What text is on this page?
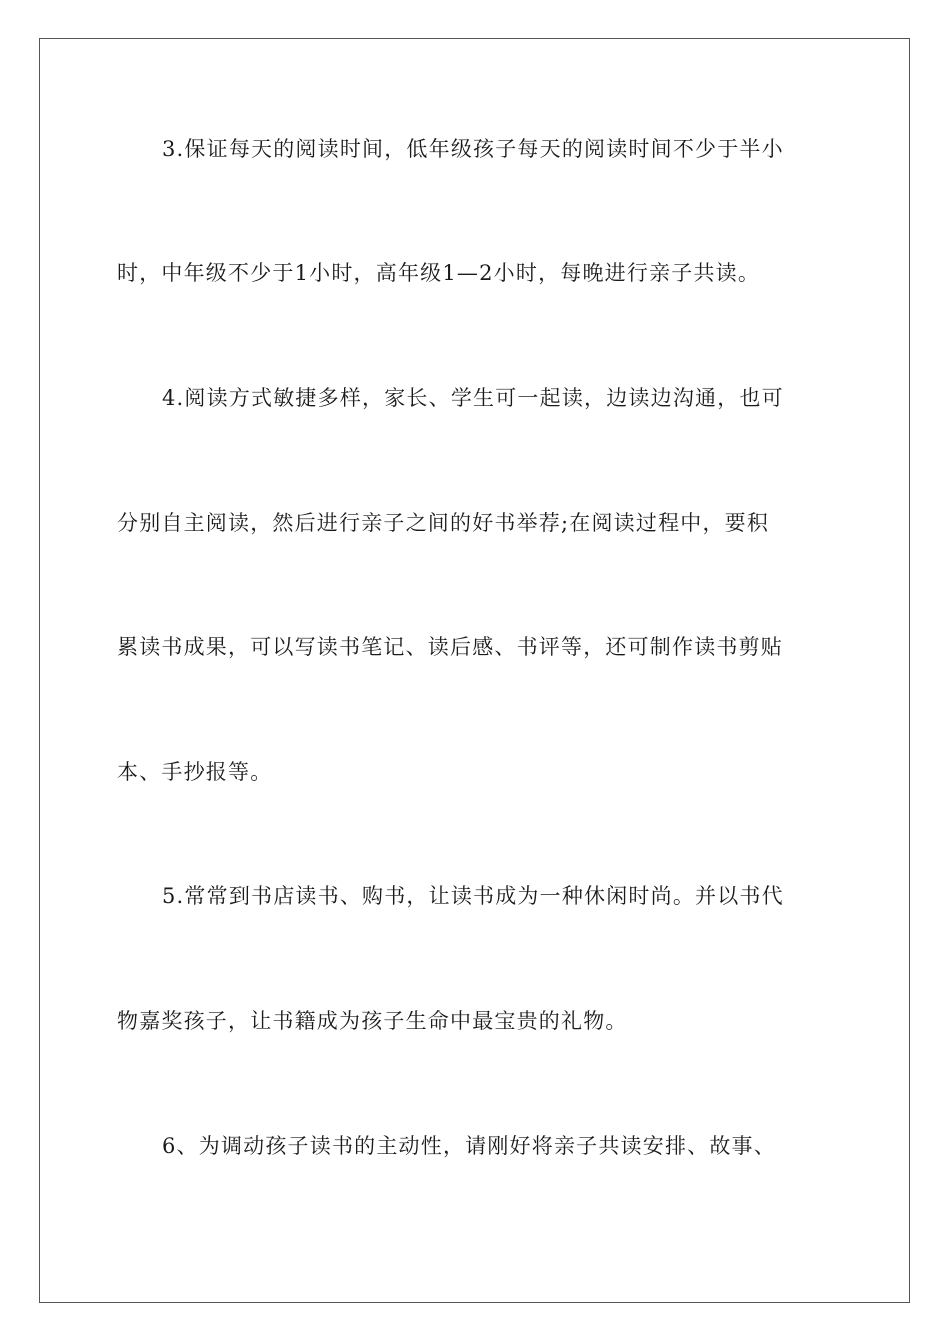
3.保证每天的阅读时间，低年级孩子每天的阅读时间不少于半小
时，中年级不少于1小时，高年级1—2小时，每晚进行亲子共读。
4.阅读方式敏捷多样，家长、学生可一起读，边读边沟通，也可
分别自主阅读，然后进行亲子之间的好书举荐;在阅读过程中，要积
累读书成果，可以写读书笔记、读后感、书评等，还可制作读书剪贴
本、手抄报等。
5.常常到书店读书、购书，让读书成为一种休闲时尚。并以书代
物嘉奖孩子，让书籍成为孩子生命中最宝贵的礼物。
6、为调动孩子读书的主动性，请刚好将亲子共读安排、故事、
